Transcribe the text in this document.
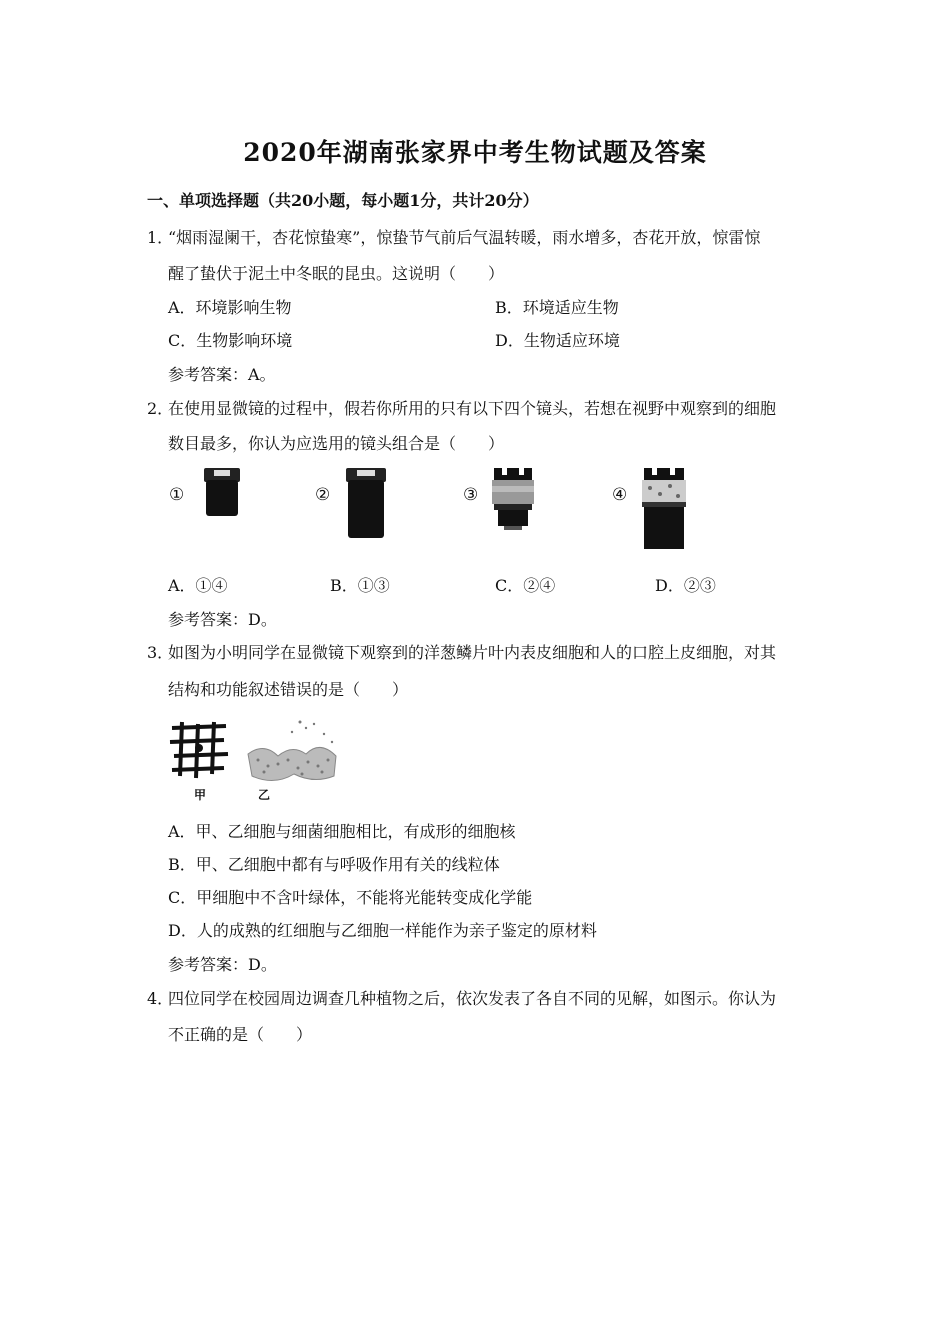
2020年湖南张家界中考生物试题及答案
一、单项选择题（共20小题，每小题1分，共计20分）
1．
“烟雨湿阑干，杏花惊蛰寒”，惊蛰节气前后气温转暖，雨水增多，杏花开放，惊雷惊
醒了蛰伏于泥土中冬眠的昆虫。这说明（　　）
A．环境影响生物	B．环境适应生物
C．生物影响环境	D．生物适应环境
参考答案：A。
2．
在使用显微镜的过程中，假若你所用的只有以下四个镜头，若想在视野中观察到的细胞
数目最多，你认为应选用的镜头组合是（　　）
①	②	③	④
A．①④	B．①③	C．②④	D．②③
参考答案：D。
3．
如图为小明同学在显微镜下观察到的洋葱鳞片叶内表皮细胞和人的口腔上皮细胞，对其
结构和功能叙述错误的是（　　）
甲	乙
A．甲、乙细胞与细菌细胞相比，有成形的细胞核
B．甲、乙细胞中都有与呼吸作用有关的线粒体
C．甲细胞中不含叶绿体，不能将光能转变成化学能
D．人的成熟的红细胞与乙细胞一样能作为亲子鉴定的原材料
参考答案：D。
4．
四位同学在校园周边调查几种植物之后，依次发表了各自不同的见解，如图示。你认为
不正确的是（　　）
